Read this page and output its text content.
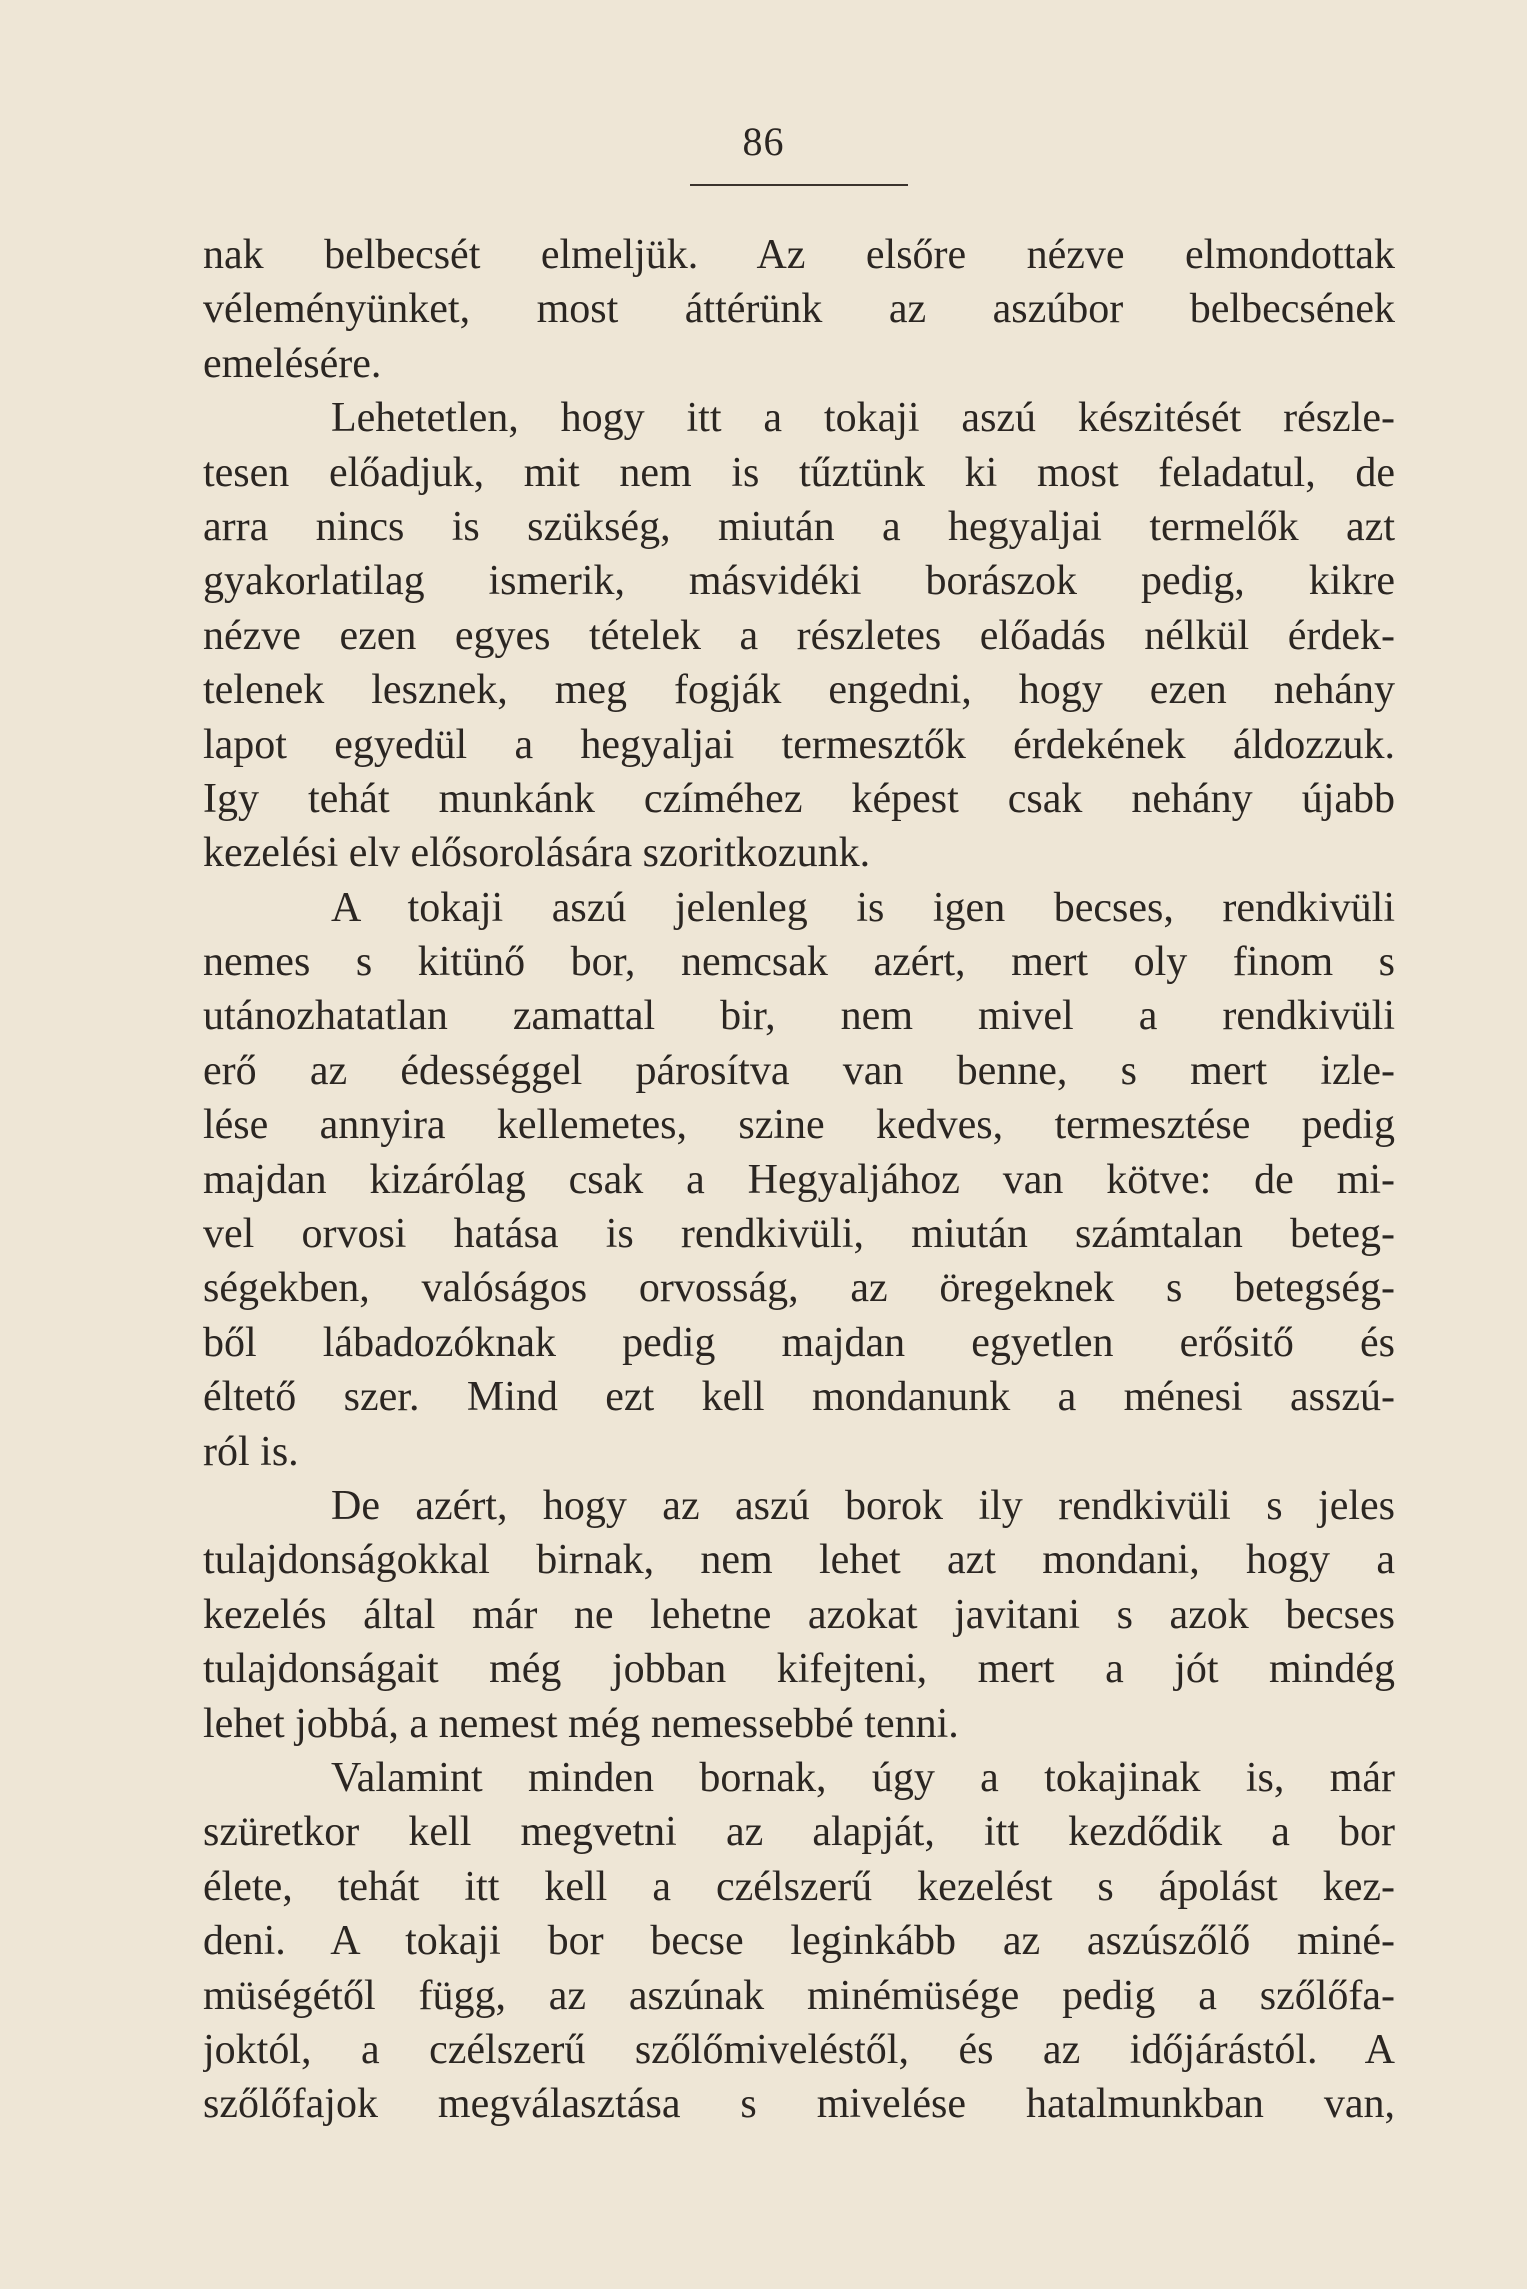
86
nak belbecsét elmeljük. Az elsőre nézve elmondottak
véleményünket, most áttérünk az aszúbor belbecsének
emelésére.
Lehetetlen, hogy itt a tokaji aszú készitését részle-
tesen előadjuk, mit nem is tűztünk ki most feladatul, de
arra nincs is szükség, miután a hegyaljai termelők azt
gyakorlatilag ismerik, másvidéki borászok pedig, kikre
nézve ezen egyes tételek a részletes előadás nélkül érdek-
telenek lesznek, meg fogják engedni, hogy ezen nehány
lapot egyedül a hegyaljai termesztők érdekének áldozzuk.
Igy tehát munkánk czíméhez képest csak nehány újabb
kezelési elv elősorolására szoritkozunk.
A tokaji aszú jelenleg is igen becses, rendkivüli
nemes s kitünő bor, nemcsak azért, mert oly finom s
utánozhatatlan zamattal bir, nem mivel a rendkivüli
erő az édességgel párosítva van benne, s mert izle-
lése annyira kellemetes, szine kedves, termesztése pedig
majdan kizárólag csak a Hegyaljához van kötve: de mi-
vel orvosi hatása is rendkivüli, miután számtalan beteg-
ségekben, valóságos orvosság, az öregeknek s betegség-
ből lábadozóknak pedig majdan egyetlen erősitő és
éltető szer. Mind ezt kell mondanunk a ménesi asszú-
ról is.
De azért, hogy az aszú borok ily rendkivüli s jeles
tulajdonságokkal birnak, nem lehet azt mondani, hogy a
kezelés által már ne lehetne azokat javitani s azok becses
tulajdonságait még jobban kifejteni, mert a jót mindég
lehet jobbá, a nemest még nemessebbé tenni.
Valamint minden bornak, úgy a tokajinak is, már
szüretkor kell megvetni az alapját, itt kezdődik a bor
élete, tehát itt kell a czélszerű kezelést s ápolást kez-
deni. A tokaji bor becse leginkább az aszúszőlő miné-
müségétől függ, az aszúnak minémüsége pedig a szőlőfa-
joktól, a czélszerű szőlőmiveléstől, és az időjárástól. A
szőlőfajok megválasztása s mivelése hatalmunkban van,
